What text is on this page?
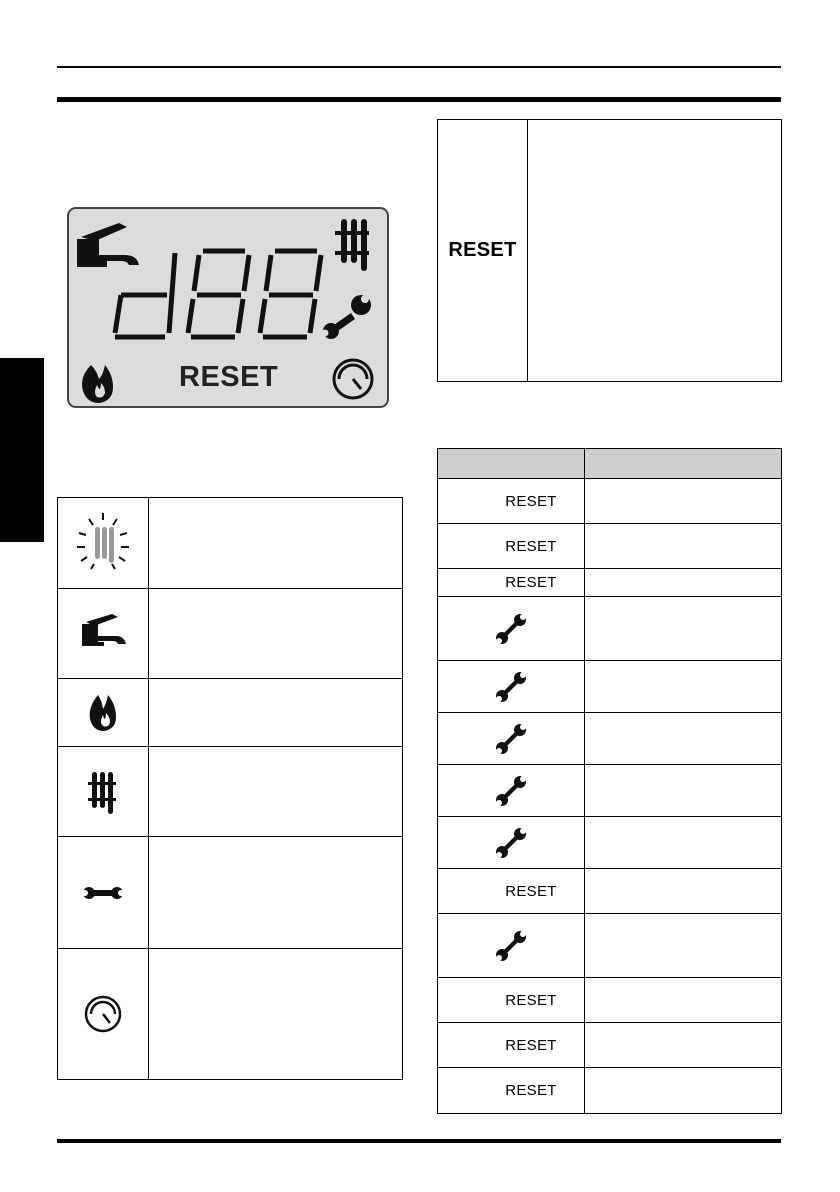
RESET
RESET
RESET
RESET
RESET
RESET
RESET
RESET
RESET
